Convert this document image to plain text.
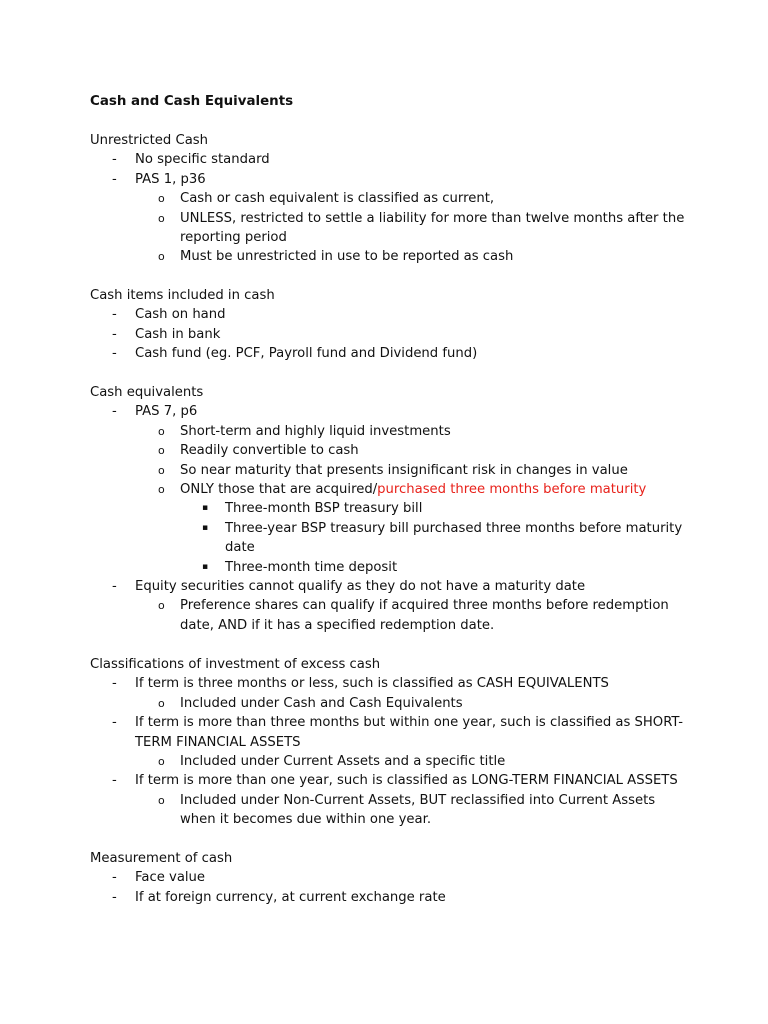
Cash and Cash Equivalents

Unrestricted Cash

- No specific standard
- PAS 1, p36
o Cash or cash equivalent is classified as current,
o UNLESS, restricted to settle a liability for more than twelve months after the reporting period
o Must be unrestricted in use to be reported as cash

Cash items included in cash

- Cash on hand
- Cash in bank
- Cash fund (eg. PCF, Payroll fund and Dividend fund)

Cash equivalents

- PAS 7, p6
o Short-term and highly liquid investments
o Readily convertible to cash
o So near maturity that presents insignificant risk in changes in value
o ONLY those that are acquired/purchased three months before maturity
▪ Three-month BSP treasury bill
▪ Three-year BSP treasury bill purchased three months before maturity date
▪ Three-month time deposit
- Equity securities cannot qualify as they do not have a maturity date
o Preference shares can qualify if acquired three months before redemption date, AND if it has a specified redemption date.

Classifications of investment of excess cash

- If term is three months or less, such is classified as CASH EQUIVALENTS
o Included under Cash and Cash Equivalents
- If term is more than three months but within one year, such is classified as SHORT-TERM FINANCIAL ASSETS
o Included under Current Assets and a specific title
- If term is more than one year, such is classified as LONG-TERM FINANCIAL ASSETS
o Included under Non-Current Assets, BUT reclassified into Current Assets when it becomes due within one year.

Measurement of cash

- Face value
- If at foreign currency, at current exchange rate
